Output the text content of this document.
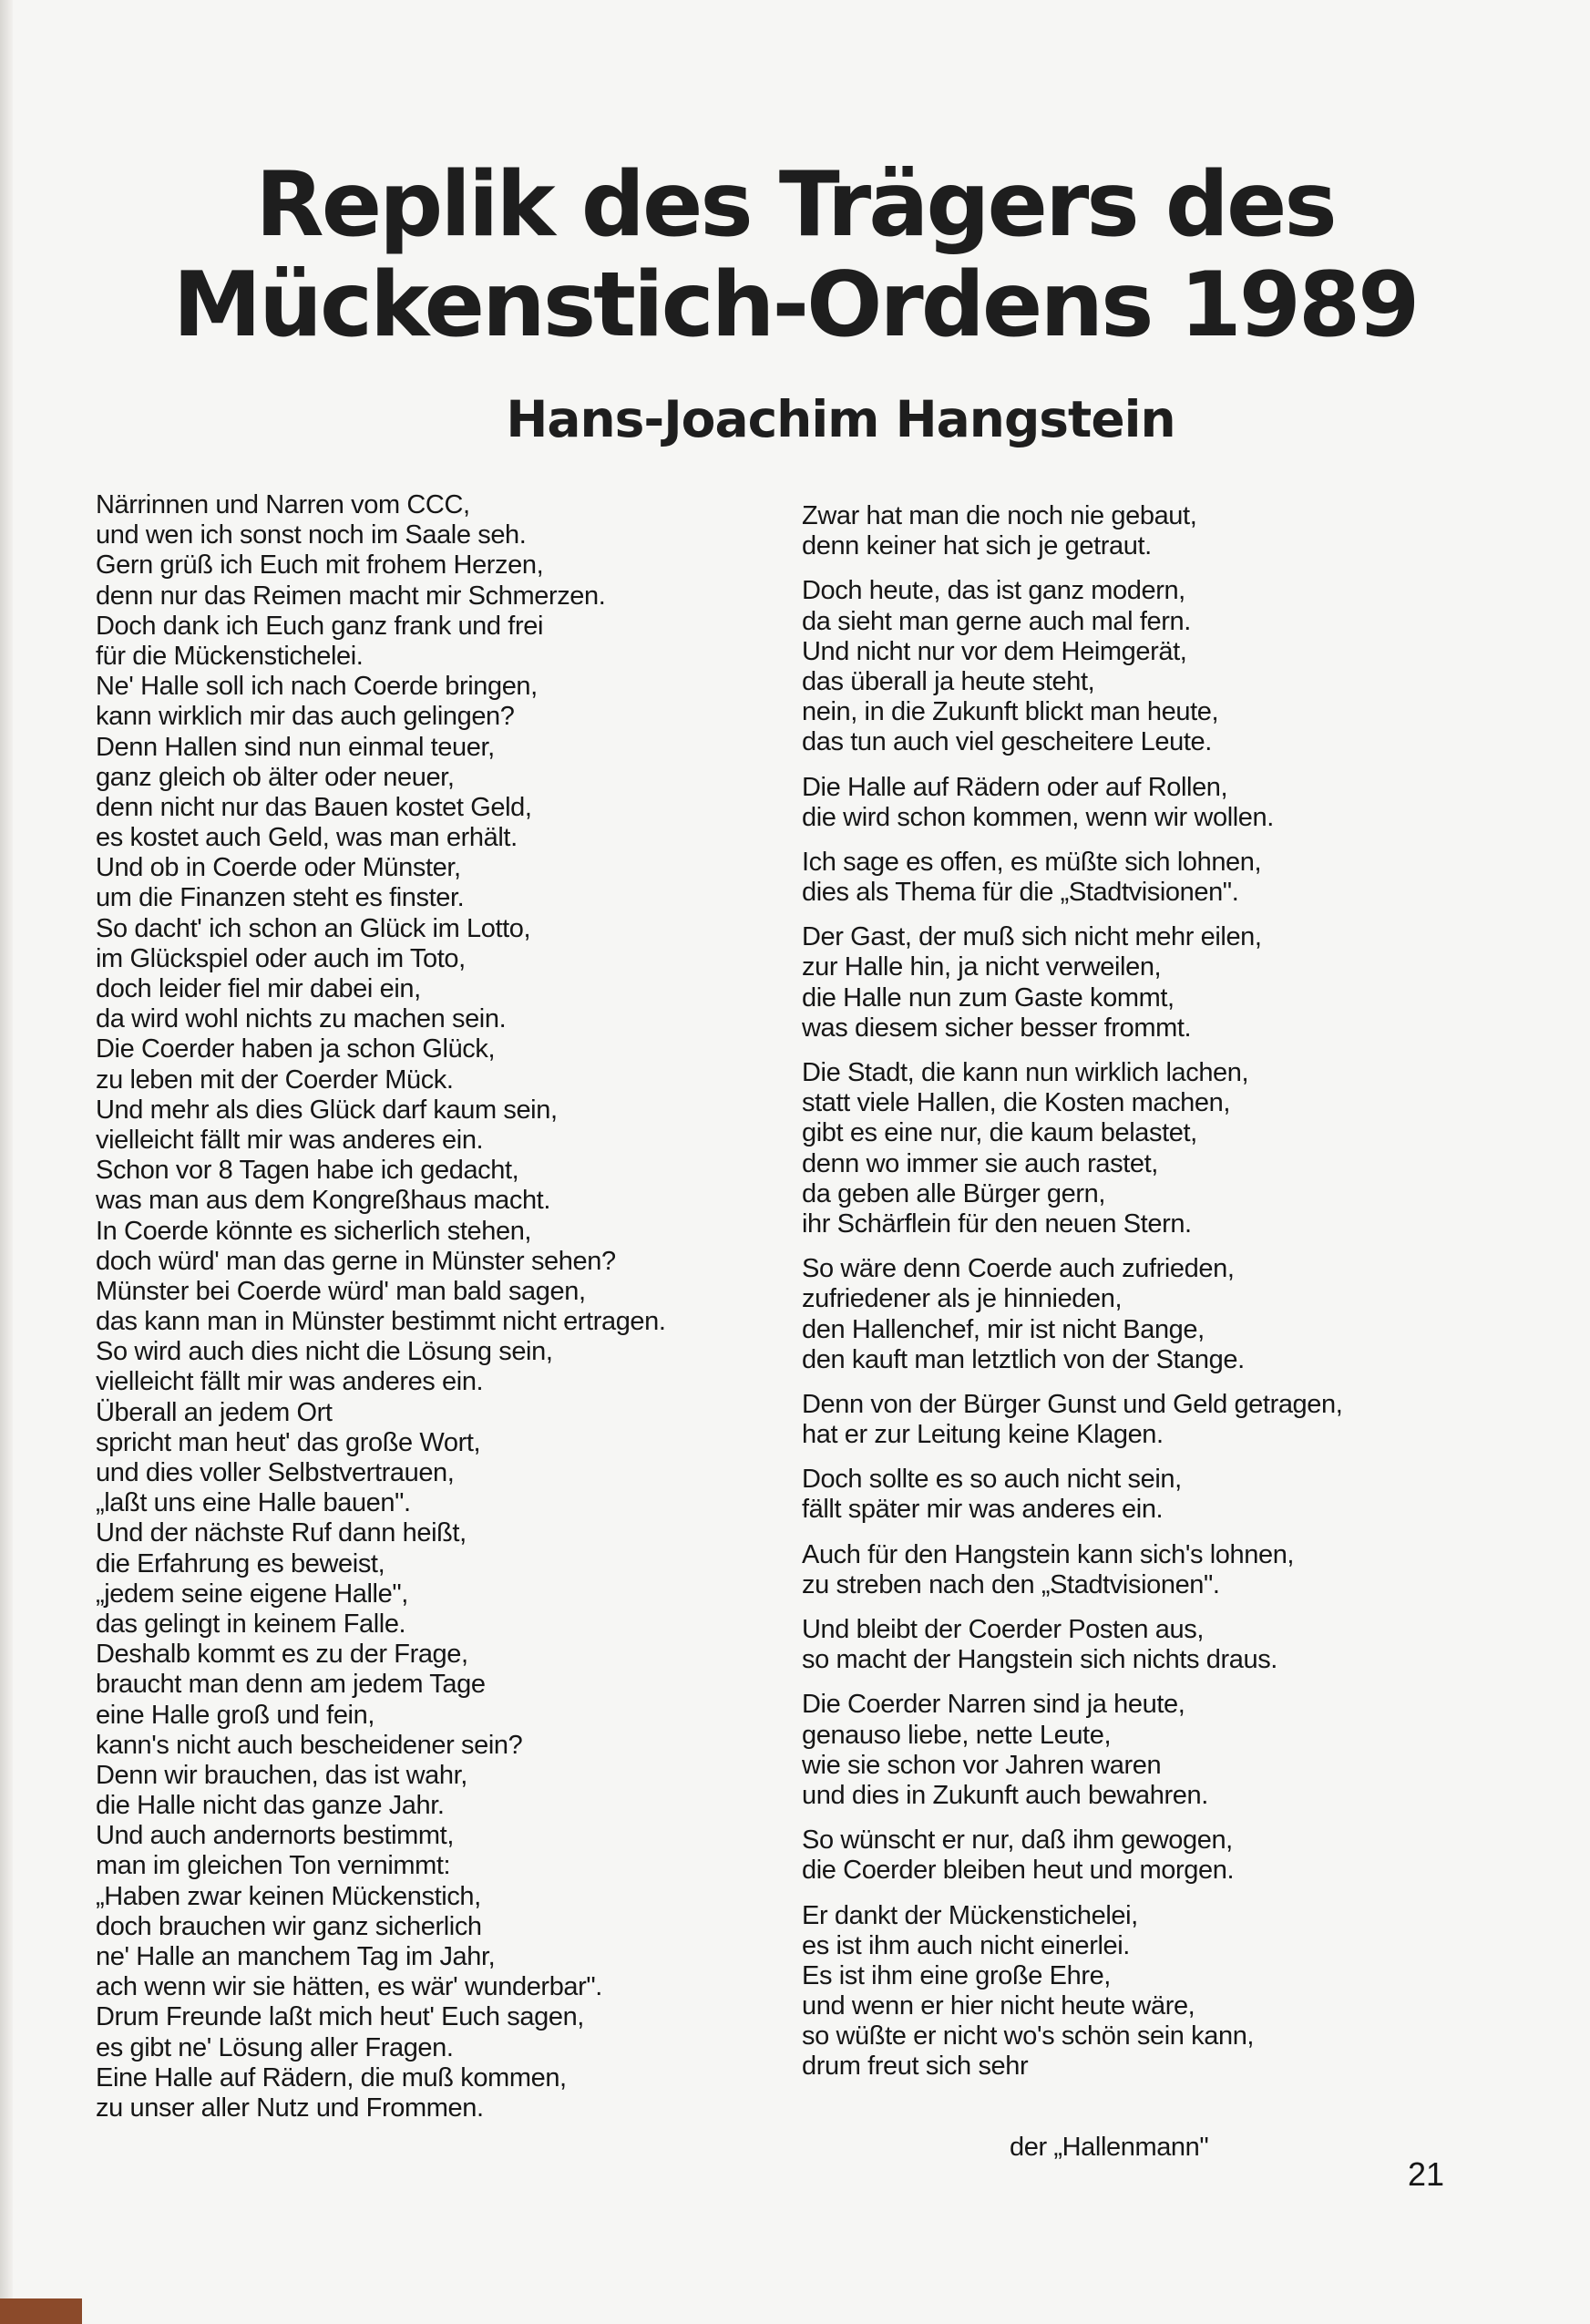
Replik des Trägers des
Mückenstich-Ordens 1989
Hans-Joachim Hangstein
Närrinnen und Narren vom CCC,
und wen ich sonst noch im Saale seh.
Gern grüß ich Euch mit frohem Herzen,
denn nur das Reimen macht mir Schmerzen.
Doch dank ich Euch ganz frank und frei
für die Mückenstichelei.
Ne' Halle soll ich nach Coerde bringen,
kann wirklich mir das auch gelingen?
Denn Hallen sind nun einmal teuer,
ganz gleich ob älter oder neuer,
denn nicht nur das Bauen kostet Geld,
es kostet auch Geld, was man erhält.
Und ob in Coerde oder Münster,
um die Finanzen steht es finster.
So dacht' ich schon an Glück im Lotto,
im Glückspiel oder auch im Toto,
doch leider fiel mir dabei ein,
da wird wohl nichts zu machen sein.
Die Coerder haben ja schon Glück,
zu leben mit der Coerder Mück.
Und mehr als dies Glück darf kaum sein,
vielleicht fällt mir was anderes ein.
Schon vor 8 Tagen habe ich gedacht,
was man aus dem Kongreßhaus macht.
In Coerde könnte es sicherlich stehen,
doch würd' man das gerne in Münster sehen?
Münster bei Coerde würd' man bald sagen,
das kann man in Münster bestimmt nicht ertragen.
So wird auch dies nicht die Lösung sein,
vielleicht fällt mir was anderes ein.
Überall an jedem Ort
spricht man heut' das große Wort,
und dies voller Selbstvertrauen,
„laßt uns eine Halle bauen".
Und der nächste Ruf dann heißt,
die Erfahrung es beweist,
„jedem seine eigene Halle",
das gelingt in keinem Falle.
Deshalb kommt es zu der Frage,
braucht man denn am jedem Tage
eine Halle groß und fein,
kann's nicht auch bescheidener sein?
Denn wir brauchen, das ist wahr,
die Halle nicht das ganze Jahr.
Und auch andernorts bestimmt,
man im gleichen Ton vernimmt:
„Haben zwar keinen Mückenstich,
doch brauchen wir ganz sicherlich
ne' Halle an manchem Tag im Jahr,
ach wenn wir sie hätten, es wär' wunderbar".
Drum Freunde laßt mich heut' Euch sagen,
es gibt ne' Lösung aller Fragen.
Eine Halle auf Rädern, die muß kommen,
zu unser aller Nutz und Frommen.
Zwar hat man die noch nie gebaut,
denn keiner hat sich je getraut.
Doch heute, das ist ganz modern,
da sieht man gerne auch mal fern.
Und nicht nur vor dem Heimgerät,
das überall ja heute steht,
nein, in die Zukunft blickt man heute,
das tun auch viel gescheitere Leute.
Die Halle auf Rädern oder auf Rollen,
die wird schon kommen, wenn wir wollen.
Ich sage es offen, es müßte sich lohnen,
dies als Thema für die „Stadtvisionen".
Der Gast, der muß sich nicht mehr eilen,
zur Halle hin, ja nicht verweilen,
die Halle nun zum Gaste kommt,
was diesem sicher besser frommt.
Die Stadt, die kann nun wirklich lachen,
statt viele Hallen, die Kosten machen,
gibt es eine nur, die kaum belastet,
denn wo immer sie auch rastet,
da geben alle Bürger gern,
ihr Schärflein für den neuen Stern.
So wäre denn Coerde auch zufrieden,
zufriedener als je hinnieden,
den Hallenchef, mir ist nicht Bange,
den kauft man letztlich von der Stange.
Denn von der Bürger Gunst und Geld getragen,
hat er zur Leitung keine Klagen.
Doch sollte es so auch nicht sein,
fällt später mir was anderes ein.
Auch für den Hangstein kann sich's lohnen,
zu streben nach den „Stadtvisionen".
Und bleibt der Coerder Posten aus,
so macht der Hangstein sich nichts draus.
Die Coerder Narren sind ja heute,
genauso liebe, nette Leute,
wie sie schon vor Jahren waren
und dies in Zukunft auch bewahren.
So wünscht er nur, daß ihm gewogen,
die Coerder bleiben heut und morgen.
Er dankt der Mückenstichelei,
es ist ihm auch nicht einerlei.
Es ist ihm eine große Ehre,
und wenn er hier nicht heute wäre,
so wüßte er nicht wo's schön sein kann,
drum freut sich sehr
der „Hallenmann"
21
